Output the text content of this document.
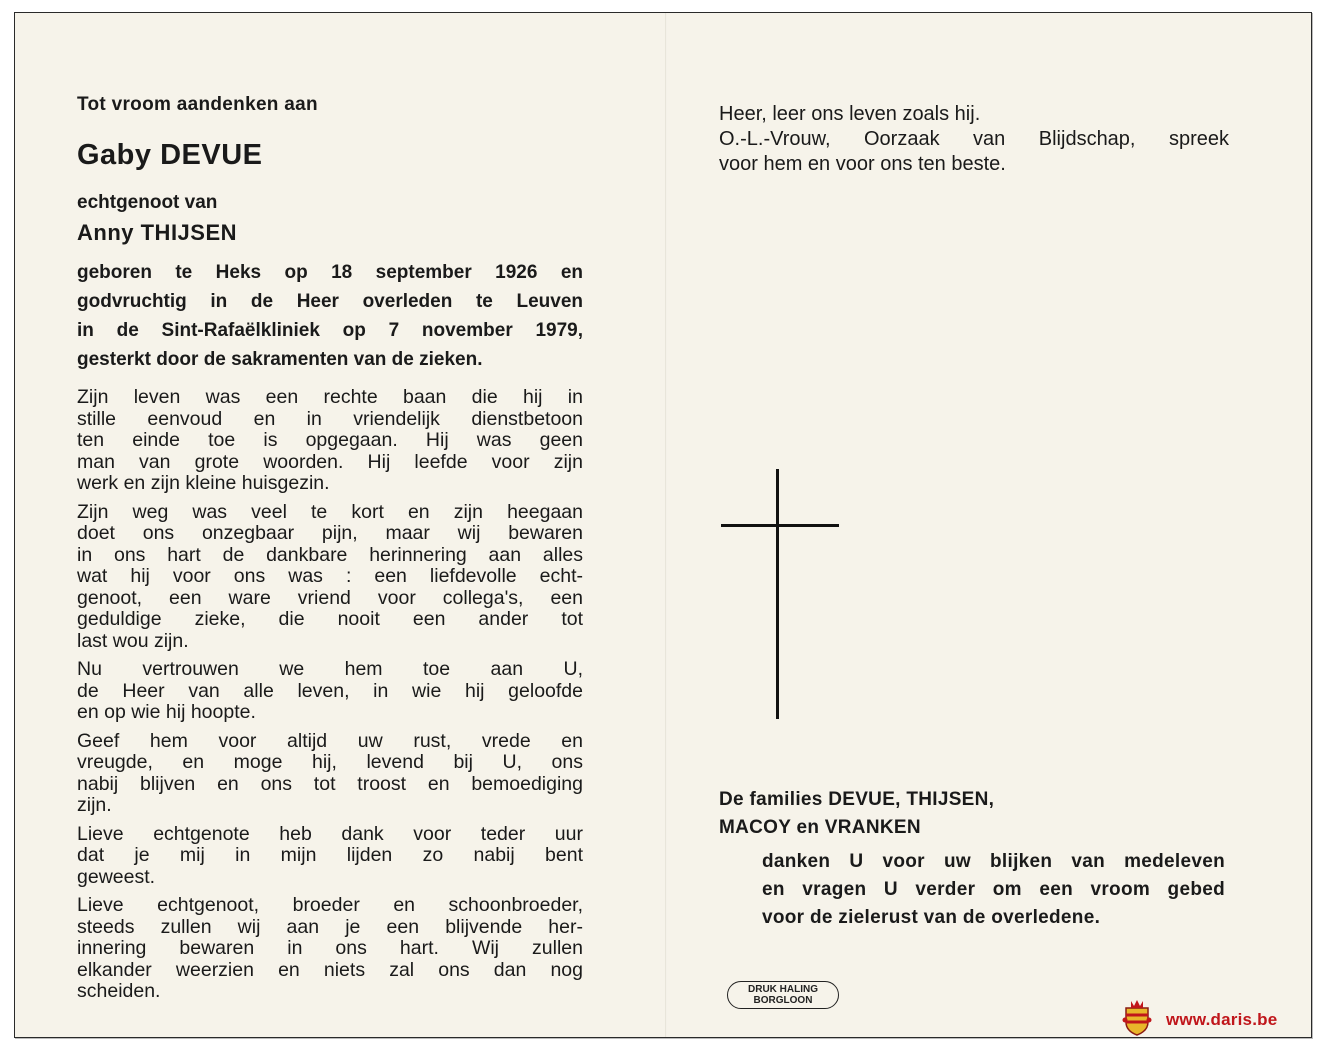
Tot vroom aandenken aan
Gaby DEVUE
echtgenoot van
Anny THIJSEN
geboren te Heks op 18 september 1926 en
godvruchtig in de Heer overleden te Leuven
in de Sint-Rafaëlkliniek op 7 november 1979,
gesterkt door de sakramenten van de zieken.
Zijn leven was een rechte baan die hij in
stille eenvoud en in vriendelijk dienstbetoon
ten einde toe is opgegaan. Hij was geen
man van grote woorden. Hij leefde voor zijn
werk en zijn kleine huisgezin.
Zijn weg was veel te kort en zijn heegaan
doet ons onzegbaar pijn, maar wij bewaren
in ons hart de dankbare herinnering aan alles
wat hij voor ons was : een liefdevolle echt-
genoot, een ware vriend voor collega's, een
geduldige zieke, die nooit een ander tot
last wou zijn.
Nu vertrouwen we hem toe aan U,
de Heer van alle leven, in wie hij geloofde
en op wie hij hoopte.
Geef hem voor altijd uw rust, vrede en
vreugde, en moge hij, levend bij U, ons
nabij blijven en ons tot troost en bemoediging
zijn.
Lieve echtgenote heb dank voor teder uur
dat je mij in mijn lijden zo nabij bent
geweest.
Lieve echtgenoot, broeder en schoonbroeder,
steeds zullen wij aan je een blijvende her-
innering bewaren in ons hart. Wij zullen
elkander weerzien en niets zal ons dan nog
scheiden.
Heer, leer ons leven zoals hij.
O.-L.-Vrouw, Oorzaak van Blijdschap, spreek
voor hem en voor ons ten beste.
De families DEVUE, THIJSEN,
MACOY en VRANKEN
danken U voor uw blijken van medeleven
en vragen U verder om een vroom gebed
voor de zielerust van de overledene.
DRUK HALING
BORGLOON
www.daris.be
